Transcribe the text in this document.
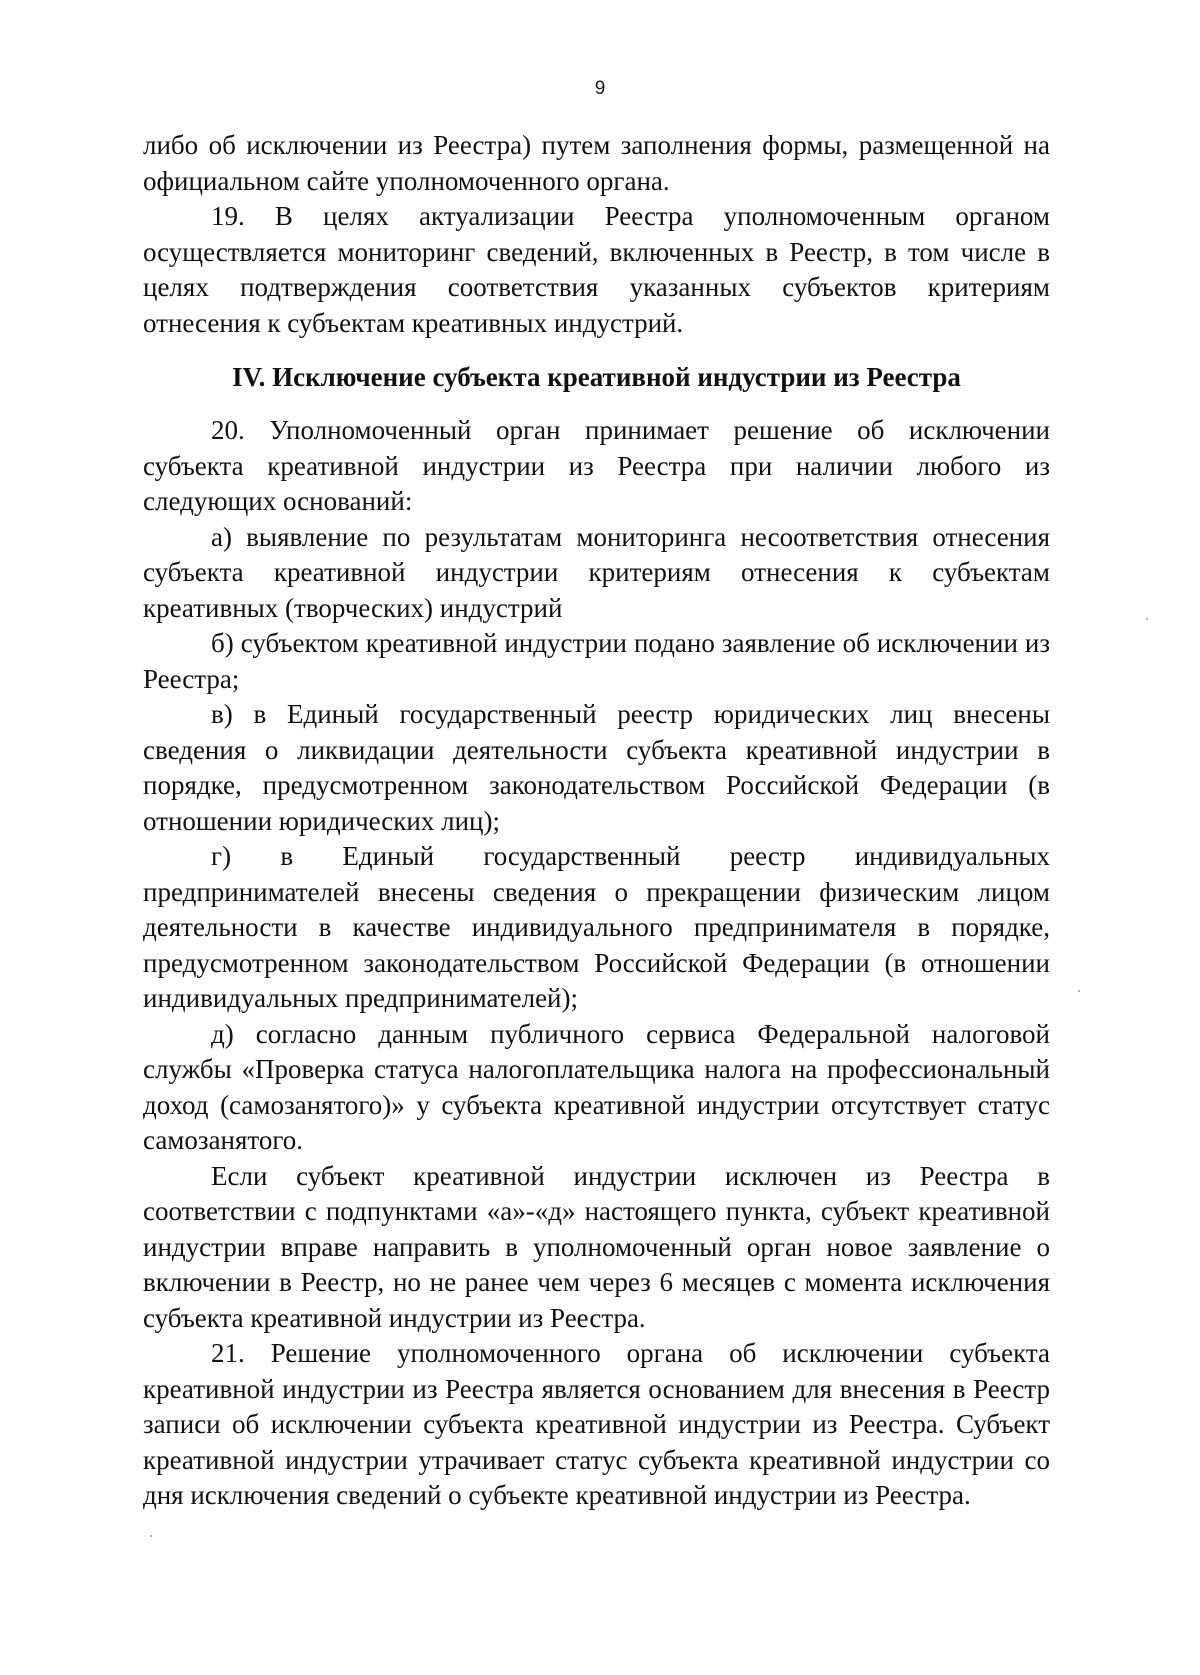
9

либо об исключении из Реестра) путем заполнения формы, размещенной на официальном сайте уполномоченного органа.

19. В целях актуализации Реестра уполномоченным органом осуществляется мониторинг сведений, включенных в Реестр, в том числе в целях подтверждения соответствия указанных субъектов критериям отнесения к субъектам креативных индустрий.

IV. Исключение субъекта креативной индустрии из Реестра

20. Уполномоченный орган принимает решение об исключении субъекта креативной индустрии из Реестра при наличии любого из следующих оснований:

а) выявление по результатам мониторинга несоответствия отнесения субъекта креативной индустрии критериям отнесения к субъектам креативных (творческих) индустрий

б) субъектом креативной индустрии подано заявление об исключении из Реестра;

в) в Единый государственный реестр юридических лиц внесены сведения о ликвидации деятельности субъекта креативной индустрии в порядке, предусмотренном законодательством Российской Федерации (в отношении юридических лиц);

г) в Единый государственный реестр индивидуальных предпринимателей внесены сведения о прекращении физическим лицом деятельности в качестве индивидуального предпринимателя в порядке, предусмотренном законодательством Российской Федерации (в отношении индивидуальных предпринимателей);

д) согласно данным публичного сервиса Федеральной налоговой службы «Проверка статуса налогоплательщика налога на профессиональный доход (самозанятого)» у субъекта креативной индустрии отсутствует статус самозанятого.

Если субъект креативной индустрии исключен из Реестра в соответствии с подпунктами «а»-«д» настоящего пункта, субъект креативной индустрии вправе направить в уполномоченный орган новое заявление о включении в Реестр, но не ранее чем через 6 месяцев с момента исключения субъекта креативной индустрии из Реестра.

21. Решение уполномоченного органа об исключении субъекта креативной индустрии из Реестра является основанием для внесения в Реестр записи об исключении субъекта креативной индустрии из Реестра. Субъект креативной индустрии утрачивает статус субъекта креативной индустрии со дня исключения сведений о субъекте креативной индустрии из Реестра.
